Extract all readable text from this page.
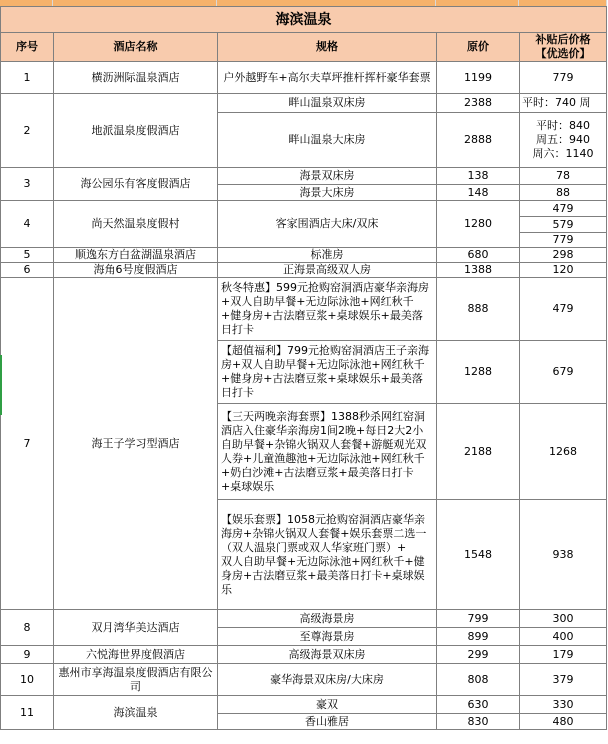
海滨温泉				
序号	酒店名称	规格	原价	补贴后价格
【优选价】
1	横沥洲际温泉酒店	户外越野车+高尔夫草坪推杆挥杆豪华套票	1199	779
2	地派温泉度假酒店	畔山温泉双床房	2388	平时：740 周
		畔山温泉大床房	2888	平时：840
周五：940
周六：1140
3	海公园乐有客度假酒店	海景双床房	138	78
		海景大床房	148	88
4	尚天然温泉度假村	客家围酒店大床/双床	1280	479
				579
				779
5	顺逸东方白盆湖温泉酒店	标准房	680	298
6	海角6号度假酒店	正海景高级双人房	1388	120
7	海王子学习型酒店	秋冬特惠】599元抢购窑洞酒店豪华亲海房+双人自助早餐+无边际泳池+网红秋千+健身房+古法磨豆浆+桌球娱乐+最美落日打卡	888	479
		【超值福利】799元抢购窑洞酒店王子亲海房+双人自助早餐+无边际泳池+网红秋千+健身房+古法磨豆浆+桌球娱乐+最美落日打卡	1288	679
		【三天两晚亲海套票】1388秒杀网红窑洞酒店入住豪华亲海房1间2晚+每日2大2小自助早餐+杂锦火锅双人套餐+游艇观光双人券+儿童渔趣池+无边际泳池+网红秋千+奶白沙滩+古法磨豆浆+最美落日打卡+桌球娱乐	2188	1268
		【娱乐套票】1058元抢购窑洞酒店豪华亲海房+杂锦火锅双人套餐+娱乐套票二选一（双人温泉门票或双人华家班门票）+
双人自助早餐+无边际泳池+网红秋千+健身房+古法磨豆浆+最美落日打卡+桌球娱乐	1548	938
8	双月湾华美达酒店	高级海景房	799	300
		至尊海景房	899	400
9	六悦海世界度假酒店	高级海景双床房	299	179
10	惠州市享海温泉度假酒店有限公司	豪华海景双床房/大床房	808	379
11	海滨温泉	豪双	630	330
		香山雅居	830	480
